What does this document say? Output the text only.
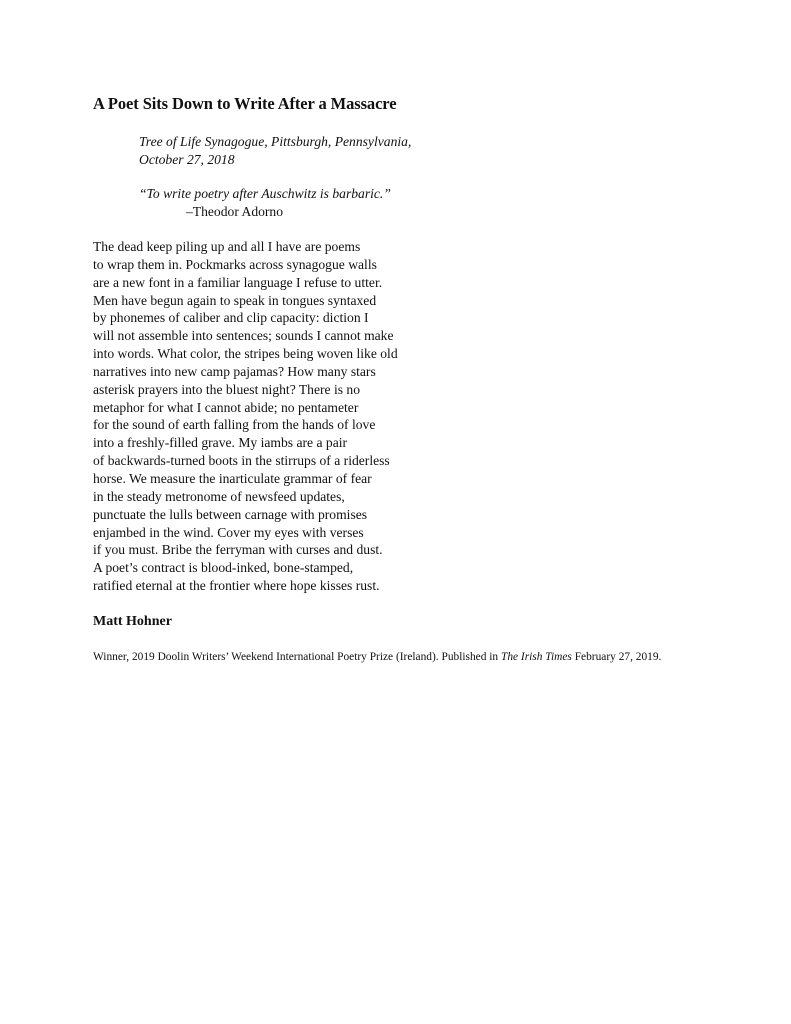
A Poet Sits Down to Write After a Massacre
Tree of Life Synagogue, Pittsburgh, Pennsylvania,
October 27, 2018
“To write poetry after Auschwitz is barbaric.”
–Theodor Adorno
The dead keep piling up and all I have are poems
to wrap them in. Pockmarks across synagogue walls
are a new font in a familiar language I refuse to utter.
Men have begun again to speak in tongues syntaxed
by phonemes of caliber and clip capacity: diction I
will not assemble into sentences; sounds I cannot make
into words. What color, the stripes being woven like old
narratives into new camp pajamas? How many stars
asterisk prayers into the bluest night? There is no
metaphor for what I cannot abide; no pentameter
for the sound of earth falling from the hands of love
into a freshly-filled grave. My iambs are a pair
of backwards-turned boots in the stirrups of a riderless
horse. We measure the inarticulate grammar of fear
in the steady metronome of newsfeed updates,
punctuate the lulls between carnage with promises
enjambed in the wind. Cover my eyes with verses
if you must. Bribe the ferryman with curses and dust.
A poet’s contract is blood-inked, bone-stamped,
ratified eternal at the frontier where hope kisses rust.
Matt Hohner
Winner, 2019 Doolin Writers’ Weekend International Poetry Prize (Ireland). Published in The Irish Times February 27, 2019.
